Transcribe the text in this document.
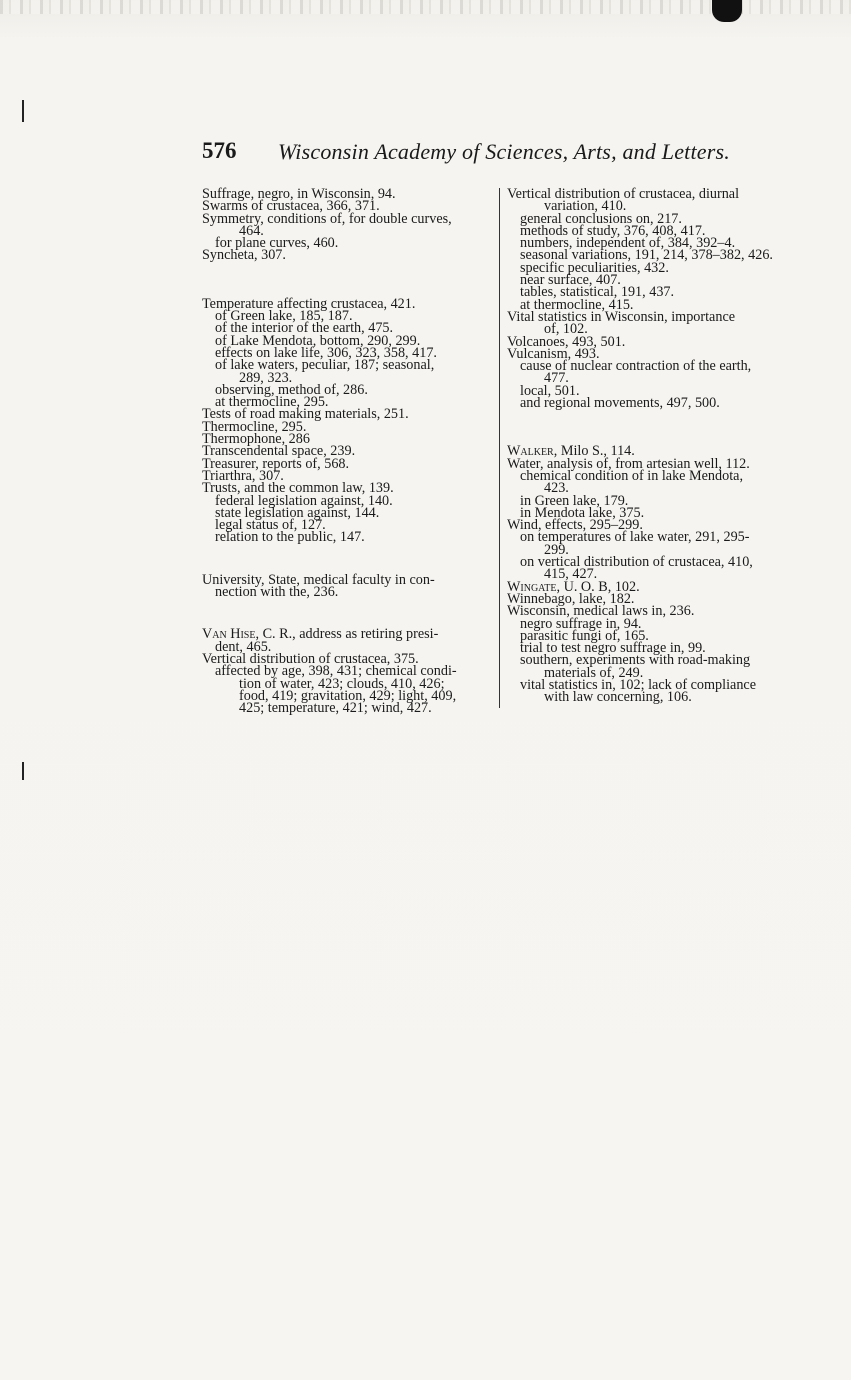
576 Wisconsin Academy of Sciences, Arts, and Letters.
Suffrage, negro, in Wisconsin, 94.
Swarms of crustacea, 366, 371.
Symmetry, conditions of, for double curves,
464.
for plane curves, 460.
Syncheta, 307.
Temperature affecting crustacea, 421.
of Green lake, 185, 187.
of the interior of the earth, 475.
of Lake Mendota, bottom, 290, 299.
effects on lake life, 306, 323, 358, 417.
of lake waters, peculiar, 187; seasonal,
289, 323.
observing, method of, 286.
at thermocline, 295.
Tests of road making materials, 251.
Thermocline, 295.
Thermophone, 286
Transcendental space, 239.
Treasurer, reports of, 568.
Triarthra, 307.
Trusts, and the common law, 139.
federal legislation against, 140.
state legislation against, 144.
legal status of, 127.
relation to the public, 147.
University, State, medical faculty in con-
nection with the, 236.
Van Hise, C. R., address as retiring presi-
dent, 465.
Vertical distribution of crustacea, 375.
affected by age, 398, 431; chemical condi-
tion of water, 423; clouds, 410, 426;
food, 419; gravitation, 429; light, 409,
425; temperature, 421; wind, 427.
Vertical distribution of crustacea, diurnal
variation, 410.
general conclusions on, 217.
methods of study, 376, 408, 417.
numbers, independent of, 384, 392–4.
seasonal variations, 191, 214, 378–382, 426.
specific peculiarities, 432.
near surface, 407.
tables, statistical, 191, 437.
at thermocline, 415.
Vital statistics in Wisconsin, importance
of, 102.
Volcanoes, 493, 501.
Vulcanism, 493.
cause of nuclear contraction of the earth,
477.
local, 501.
and regional movements, 497, 500.
Walker, Milo S., 114.
Water, analysis of, from artesian well, 112.
chemical condition of in lake Mendota,
423.
in Green lake, 179.
in Mendota lake, 375.
Wind, effects, 295–299.
on temperatures of lake water, 291, 295-
299.
on vertical distribution of crustacea, 410,
415, 427.
Wingate, U. O. B, 102.
Winnebago, lake, 182.
Wisconsin, medical laws in, 236.
negro suffrage in, 94.
parasitic fungi of, 165.
trial to test negro suffrage in, 99.
southern, experiments with road-making
materials of, 249.
vital statistics in, 102; lack of compliance
with law concerning, 106.
